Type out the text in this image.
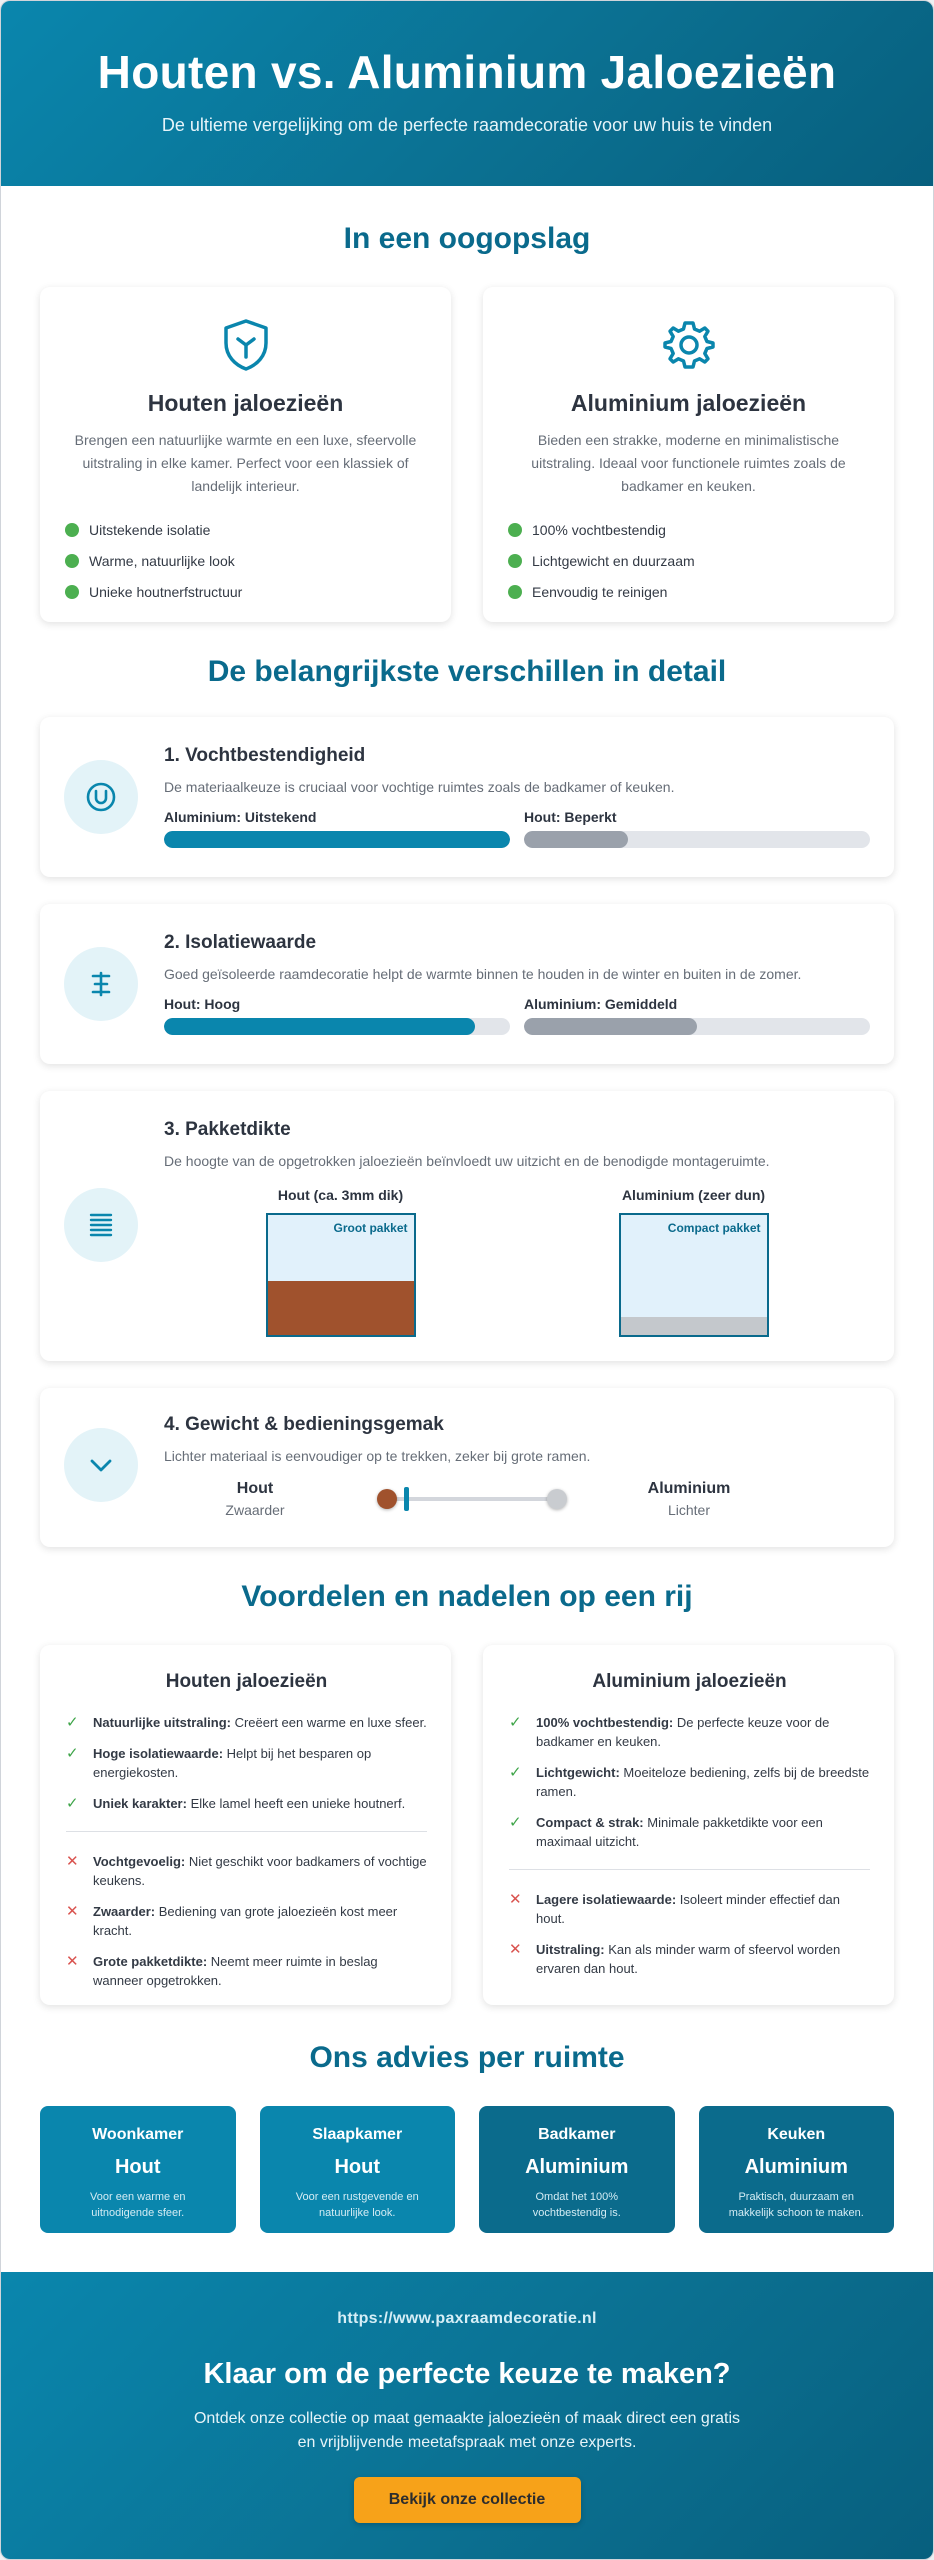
Houten vs. Aluminium Jaloezieën

De ultieme vergelijking om de perfecte raamdecoratie voor uw huis te vinden

In een oogopslag
Houten jaloezieën

Brengen een natuurlijke warmte en een luxe, sfeervolle uitstraling in elke kamer. Perfect voor een klassiek of landelijk interieur.

Uitstekende isolatie
Warme, natuurlijke look
Unieke houtnerfstructuur
Aluminium jaloezieën

Bieden een strakke, moderne en minimalistische uitstraling. Ideaal voor functionele ruimtes zoals de badkamer en keuken.

100% vochtbestendig
Lichtgewicht en duurzaam
Eenvoudig te reinigen
De belangrijkste verschillen in detail
1. Vochtbestendigheid

De materiaalkeuze is cruciaal voor vochtige ruimtes zoals de badkamer of keuken.

Aluminium: Uitstekend	Hout: Beperkt
2. Isolatiewaarde

Goed geïsoleerde raamdecoratie helpt de warmte binnen te houden in de winter en buiten in de zomer.

Hout: Hoog	Aluminium: Gemiddeld
3. Pakketdikte

De hoogte van de opgetrokken jaloezieën beïnvloedt uw uitzicht en de benodigde montageruimte.

Hout (ca. 3mm dik)
Groot pakket
Aluminium (zeer dun)
Compact pakket
4. Gewicht & bedieningsgemak

Lichter materiaal is eenvoudiger op te trekken, zeker bij grote ramen.

Hout
Zwaarder
Aluminium
Lichter
Voordelen en nadelen op een rij
Houten jaloezieën
✓	Natuurlijke uitstraling: Creëert een warme en luxe sfeer.
✓	Hoge isolatiewaarde: Helpt bij het besparen op energiekosten.
✓	Uniek karakter: Elke lamel heeft een unieke houtnerf.
✕	Vochtgevoelig: Niet geschikt voor badkamers of vochtige keukens.
✕	Zwaarder: Bediening van grote jaloezieën kost meer kracht.
✕	Grote pakketdikte: Neemt meer ruimte in beslag wanneer opgetrokken.
Aluminium jaloezieën
✓	100% vochtbestendig: De perfecte keuze voor de badkamer en keuken.
✓	Lichtgewicht: Moeiteloze bediening, zelfs bij de breedste ramen.
✓	Compact & strak: Minimale pakketdikte voor een maximaal uitzicht.
✕	Lagere isolatiewaarde: Isoleert minder effectief dan hout.
✕	Uitstraling: Kan als minder warm of sfeervol worden ervaren dan hout.
Ons advies per ruimte
Woonkamer
Hout
Voor een warme en uitnodigende sfeer.
Slaapkamer
Hout
Voor een rustgevende en natuurlijke look.
Badkamer
Aluminium
Omdat het 100% vochtbestendig is.
Keuken
Aluminium
Praktisch, duurzaam en makkelijk schoon te maken.
https://www.paxraamdecoratie.nl
Klaar om de perfecte keuze te maken?

Ontdek onze collectie op maat gemaakte jaloezieën of maak direct een gratis en vrijblijvende meetafspraak met onze experts.

Bekijk onze collectie
